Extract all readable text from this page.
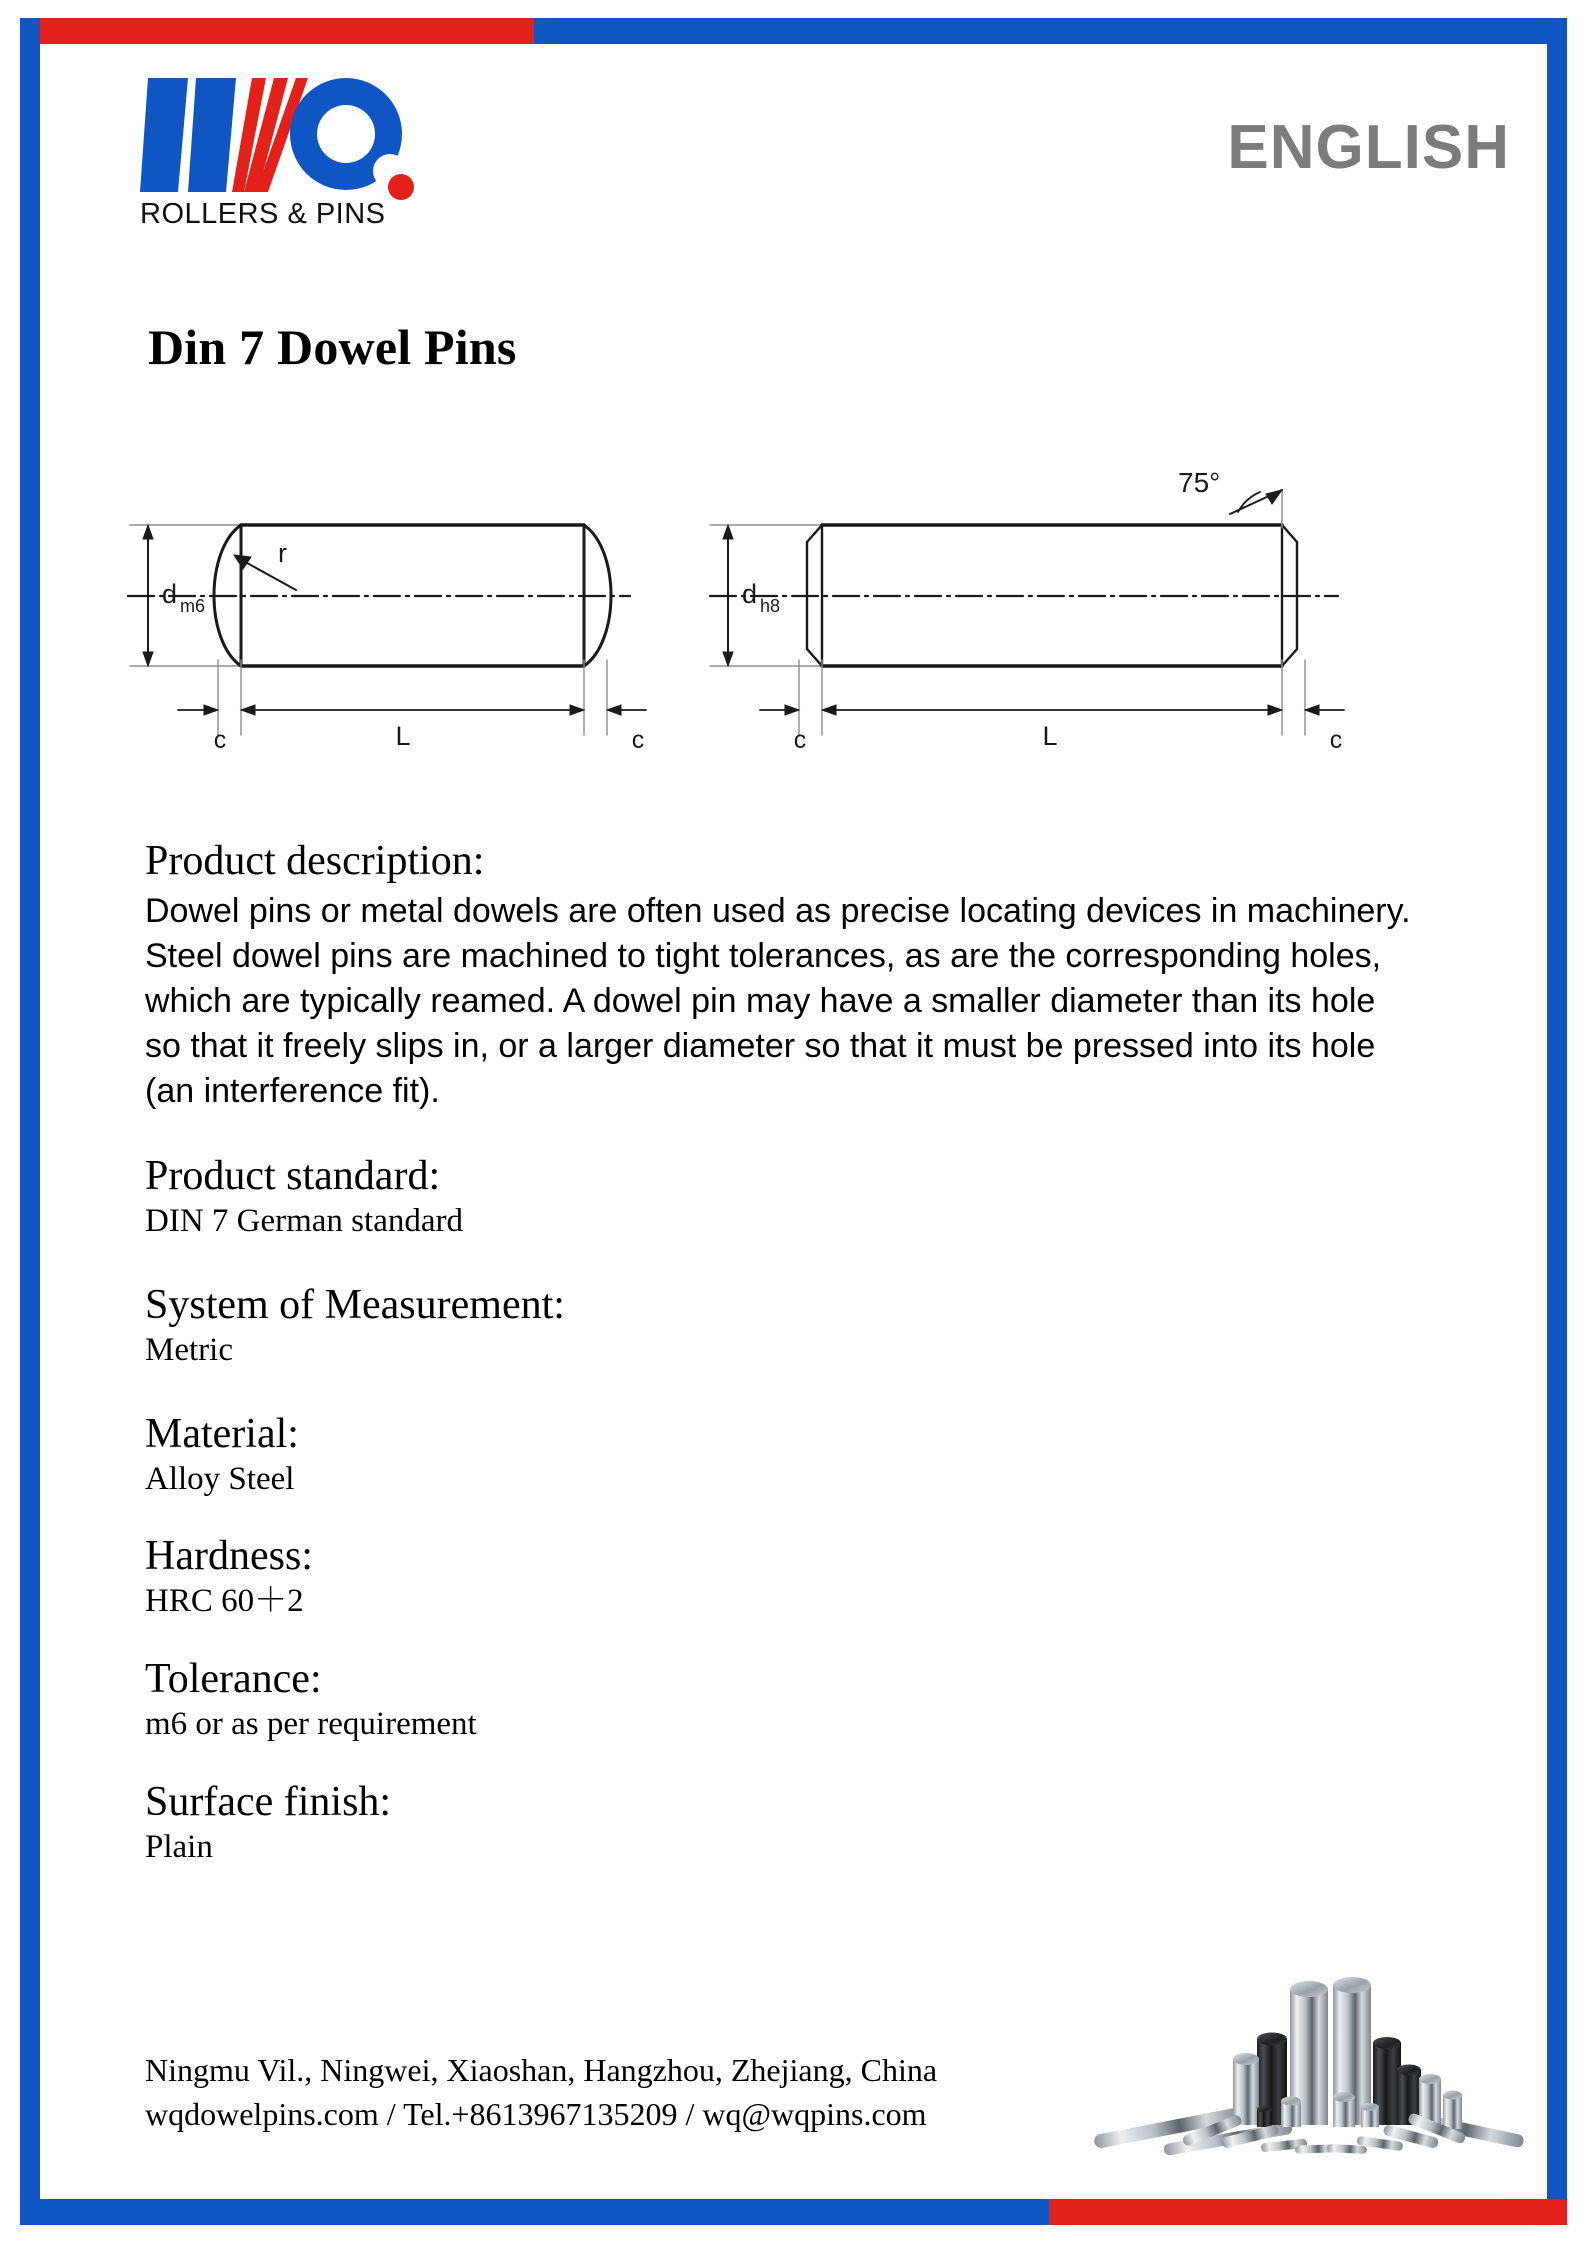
ROLLERS & PINS
ENGLISH
Din 7 Dowel Pins
d m6
r
L
c	c
d h8
75°
L
c	c

Product description:

Dowel pins or metal dowels are often used as precise locating devices in machinery. Steel dowel pins are machined to tight tolerances, as are the corresponding holes, which are typically reamed. A dowel pin may have a smaller diameter than its hole so that it freely slips in, or a larger diameter so that it must be pressed into its hole (an interference fit).

Product standard:

DIN 7 German standard

System of Measurement:

Metric

Material:

Alloy Steel

Hardness:

HRC 60＋2

Tolerance:

m6 or as per requirement

Surface finish:

Plain

Ningmu Vil., Ningwei, Xiaoshan, Hangzhou, Zhejiang, China
wqdowelpins.com / Tel.+8613967135209 / wq@wqpins.com
